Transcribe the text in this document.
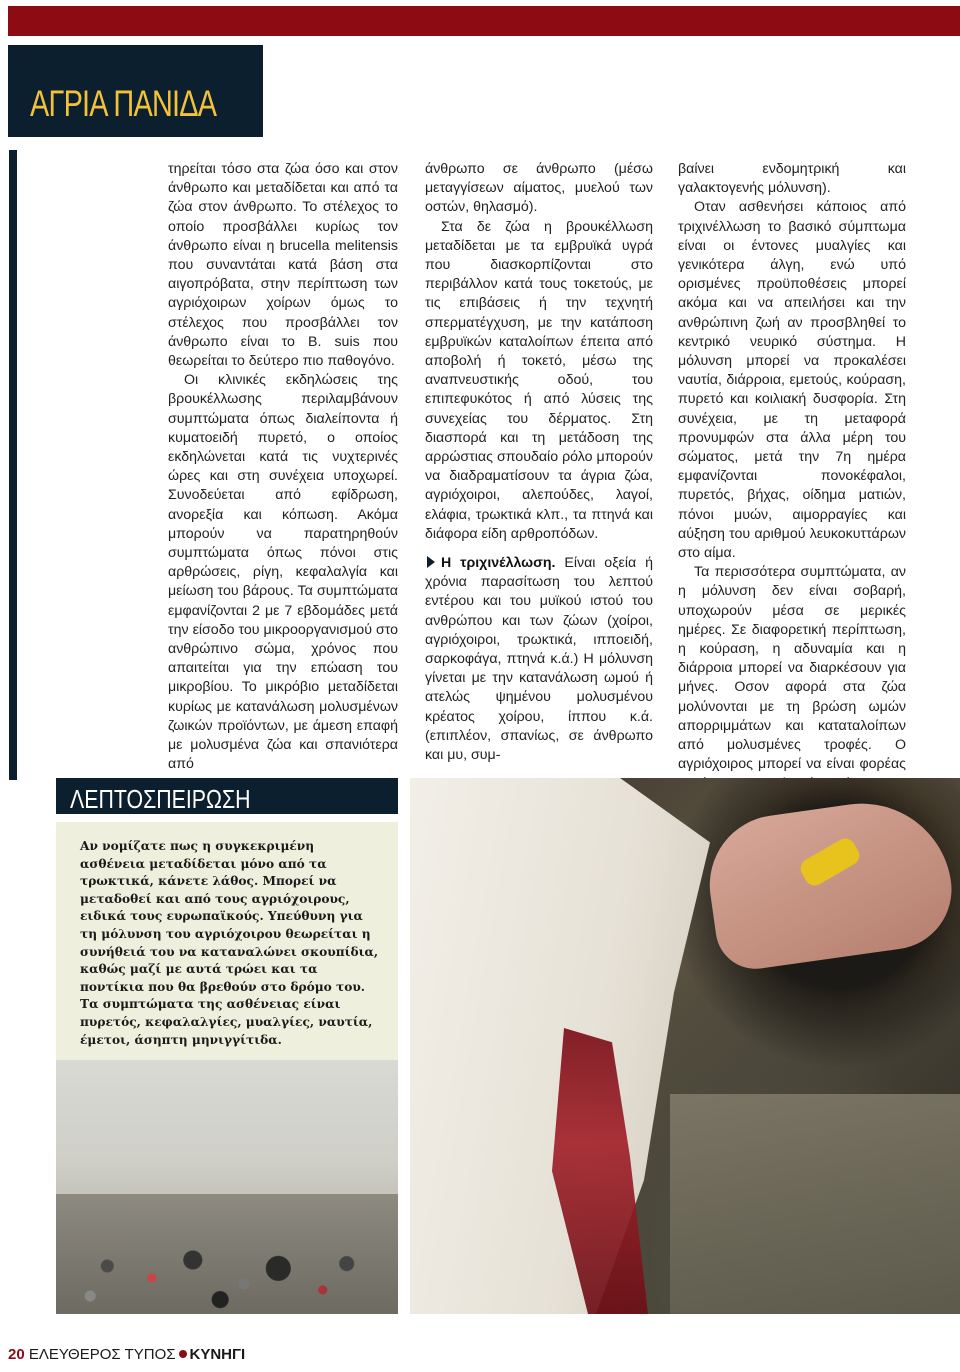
ΑΓΡΙΑ ΠΑΝΙΔΑ

τηρείται τόσο στα ζώα όσο και στον άνθρωπο και μεταδίδεται και από τα ζώα στον άνθρωπο. Το στέλεχος το οποίο προσβάλλει κυρίως τον άνθρωπο είναι η brucella melitensis που συναντάται κατά βάση στα αιγοπρόβατα, στην περίπτωση των αγριόχοιρων χοίρων όμως το στέλεχος που προσβάλλει τον άνθρωπο είναι το Β. suis που θεωρείται το δεύτερο πιο παθογόνο.

Οι κλινικές εκδηλώσεις της βρουκέλλωσης περιλαμβάνουν συμπτώματα όπως διαλείποντα ή κυματοειδή πυρετό, ο οποίος εκδηλώνεται κατά τις νυχτερινές ώρες και στη συνέχεια υποχωρεί. Συνοδεύεται από εφίδρωση, ανορεξία και κόπωση. Ακόμα μπορούν να παρατηρηθούν συμπτώματα όπως πόνοι στις αρθρώσεις, ρίγη, κεφαλαλγία και μείωση του βάρους. Τα συμπτώματα εμφανίζονται 2 με 7 εβδομάδες μετά την είσοδο του μικροοργανισμού στο ανθρώπινο σώμα, χρόνος που απαιτείται για την επώαση του μικροβίου. Το μικρόβιο μεταδίδεται κυρίως με κατανάλωση μολυσμένων ζωικών προϊόντων, με άμεση επαφή με μολυσμένα ζώα και σπανιότερα από

άνθρωπο σε άνθρωπο (μέσω μεταγγίσεων αίματος, μυελού των οστών, θηλασμό).

Στα δε ζώα η βρουκέλλωση μεταδίδεται με τα εμβρυϊκά υγρά που διασκορπίζονται στο περιβάλλον κατά τους τοκετούς, με τις επιβάσεις ή την τεχνητή σπερματέγχυση, με την κατάποση εμβρυϊκών καταλοίπων έπειτα από αποβολή ή τοκετό, μέσω της αναπνευστικής οδού, του επιπεφυκότος ή από λύσεις της συνεχείας του δέρματος. Στη διασπορά και τη μετάδοση της αρρώστιας σπουδαίο ρόλο μπορούν να διαδραματίσουν τα άγρια ζώα, αγριόχοιροι, αλεπούδες, λαγοί, ελάφια, τρωκτικά κλπ., τα πτηνά και διάφορα είδη αρθροπόδων.

Η τριχινέλλωση. Είναι οξεία ή χρόνια παρασίτωση του λεπτού εντέρου και του μυϊκού ιστού του ανθρώπου και των ζώων (χοίροι, αγριόχοιροι, τρωκτικά, ιπποειδή, σαρκοφάγα, πτηνά κ.ά.) Η μόλυνση γίνεται με την κατανάλωση ωμού ή ατελώς ψημένου μολυσμένου κρέατος χοίρου, ίππου κ.ά. (επιπλέον, σπανίως, σε άνθρωπο και μυ, συμ-

βαίνει ενδομητρική και γαλακτογενής μόλυνση).

Οταν ασθενήσει κάποιος από τριχινέλλωση το βασικό σύμπτωμα είναι οι έντονες μυαλγίες και γενικότερα άλγη, ενώ υπό ορισμένες προϋποθέσεις μπορεί ακόμα και να απειλήσει και την ανθρώπινη ζωή αν προσβληθεί το κεντρικό νευρικό σύστημα. Η μόλυνση μπορεί να προκαλέσει ναυτία, διάρροια, εμετούς, κούραση, πυρετό και κοιλιακή δυσφορία. Στη συνέχεια, με τη μεταφορά προνυμφών στα άλλα μέρη του σώματος, μετά την 7η ημέρα εμφανίζονται πονοκέφαλοι, πυρετός, βήχας, οίδημα ματιών, πόνοι μυών, αιμορραγίες και αύξηση του αριθμού λευκοκυττάρων στο αίμα.

Τα περισσότερα συμπτώματα, αν η μόλυνση δεν είναι σοβαρή, υποχωρούν μέσα σε μερικές ημέρες. Σε διαφορετική περίπτωση, η κούραση, η αδυναμία και η διάρροια μπορεί να διαρκέσουν για μήνες. Οσον αφορά στα ζώα μολύνονται με τη βρώση ωμών απορριμμάτων και καταταλοίπων από μολυσμένες τροφές. Ο αγριόχοιρος μπορεί να είναι φορέας

ΛΕΠΤΟΣΠΕΙΡΩΣΗ
Αν νομίζατε πως η συγκεκριμένη ασθένεια μεταδίδεται μόνο από τα τρωκτικά, κάνετε λάθος. Μπορεί να μεταδοθεί και από τους αγριόχοιρους, ειδικά τους ευρωπαϊκούς. Υπεύθυνη για τη μόλυνση του αγριόχοιρου θεωρείται η συνήθειά του να καταναλώνει σκουπίδια, καθώς μαζί με αυτά τρώει και τα ποντίκια που θα βρεθούν στο δρόμο του. Τα συμπτώματα της ασθένειας είναι πυρετός, κεφαλαλγίες, μυαλγίες, ναυτία, έμετοι, άσηπτη μηνιγγίτιδα.
20 ΕΛΕΥΘΕΡΟΣ ΤΥΠΟΣ ΚΥΝΗΓΙ
